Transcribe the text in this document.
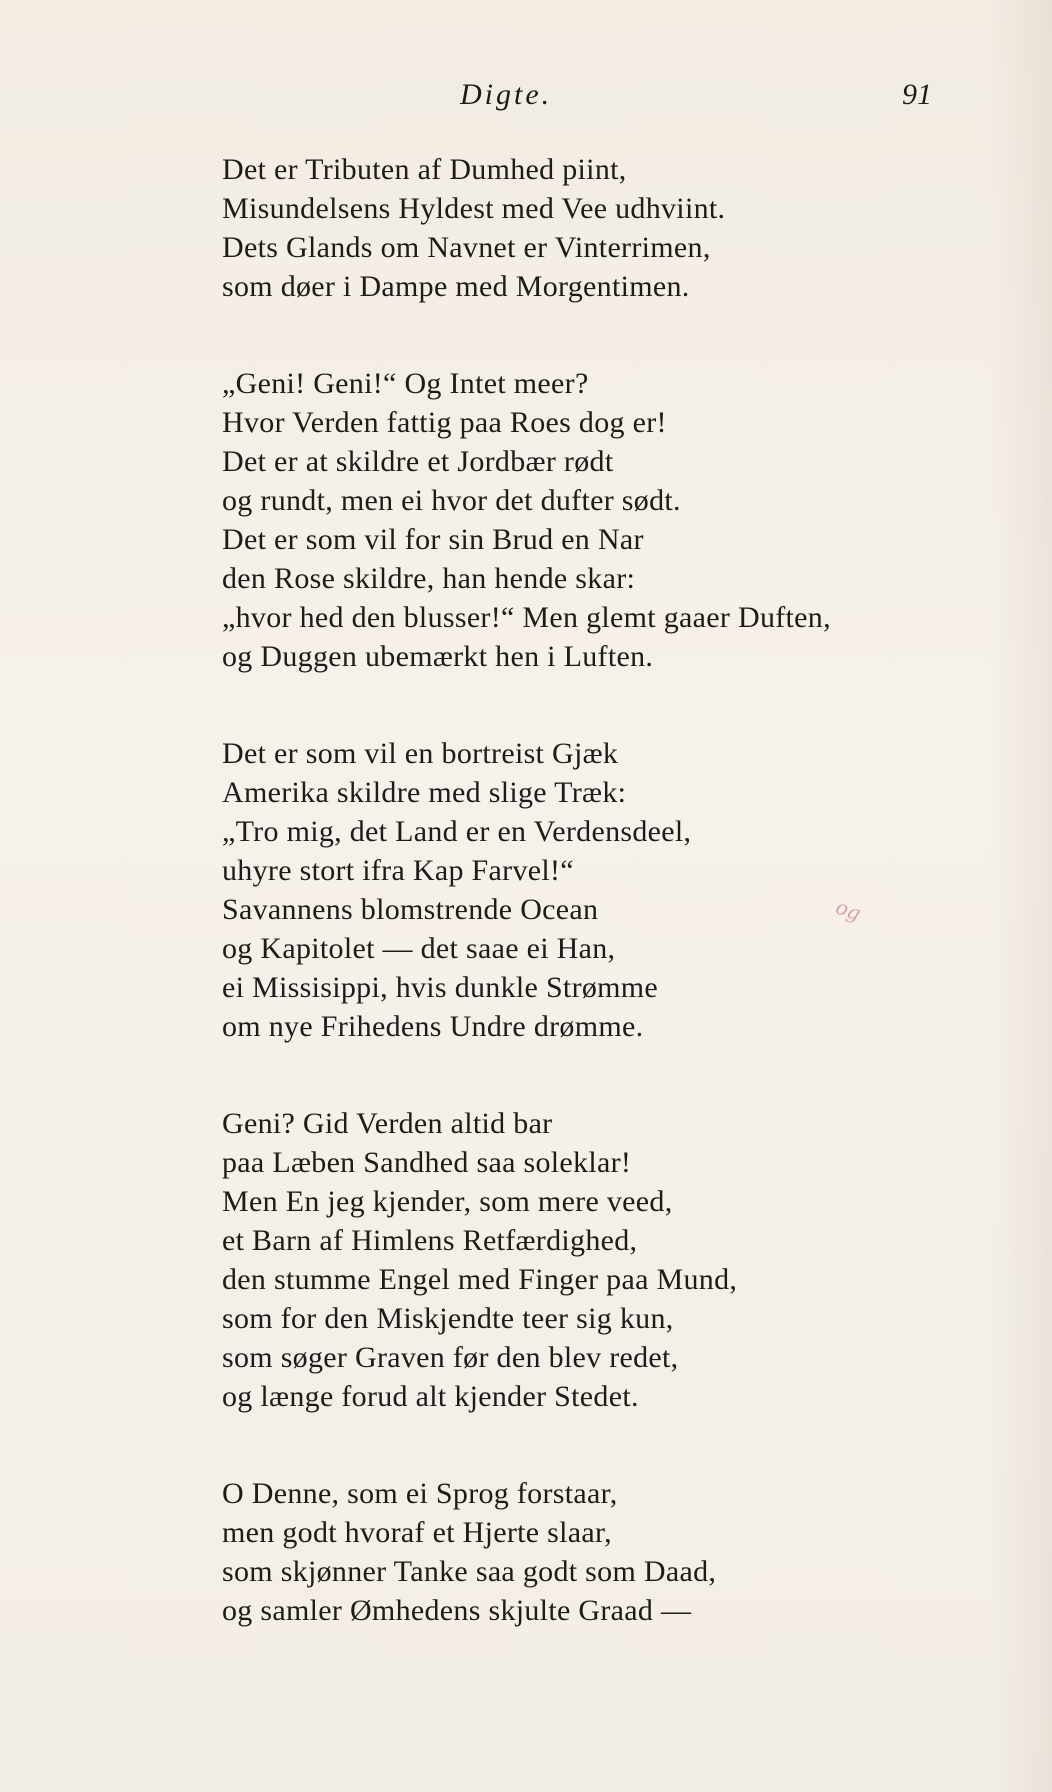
Digte.	91
Det er Tributen af Dumhed piint,
Misundelsens Hyldest med Vee udhviint.
Dets Glands om Navnet er Vinterrimen,
som døer i Dampe med Morgentimen.
„Geni! Geni!“ Og Intet meer?
Hvor Verden fattig paa Roes dog er!
Det er at skildre et Jordbær rødt
og rundt, men ei hvor det dufter sødt.
Det er som vil for sin Brud en Nar
den Rose skildre, han hende skar:
„hvor hed den blusser!“ Men glemt gaaer Duften,
og Duggen ubemærkt hen i Luften.
Det er som vil en bortreist Gjæk
Amerika skildre med slige Træk:
„Tro mig, det Land er en Verdensdeel,
uhyre stort ifra Kap Farvel!“
Savannens blomstrende Ocean
og Kapitolet — det saae ei Han,
ei Missisippi, hvis dunkle Strømme
om nye Frihedens Undre drømme.
Geni? Gid Verden altid bar
paa Læben Sandhed saa soleklar!
Men En jeg kjender, som mere veed,
et Barn af Himlens Retfærdighed,
den stumme Engel med Finger paa Mund,
som for den Miskjendte teer sig kun,
som søger Graven før den blev redet,
og længe forud alt kjender Stedet.
O Denne, som ei Sprog forstaar,
men godt hvoraf et Hjerte slaar,
som skjønner Tanke saa godt som Daad,
og samler Ømhedens skjulte Graad —
og
